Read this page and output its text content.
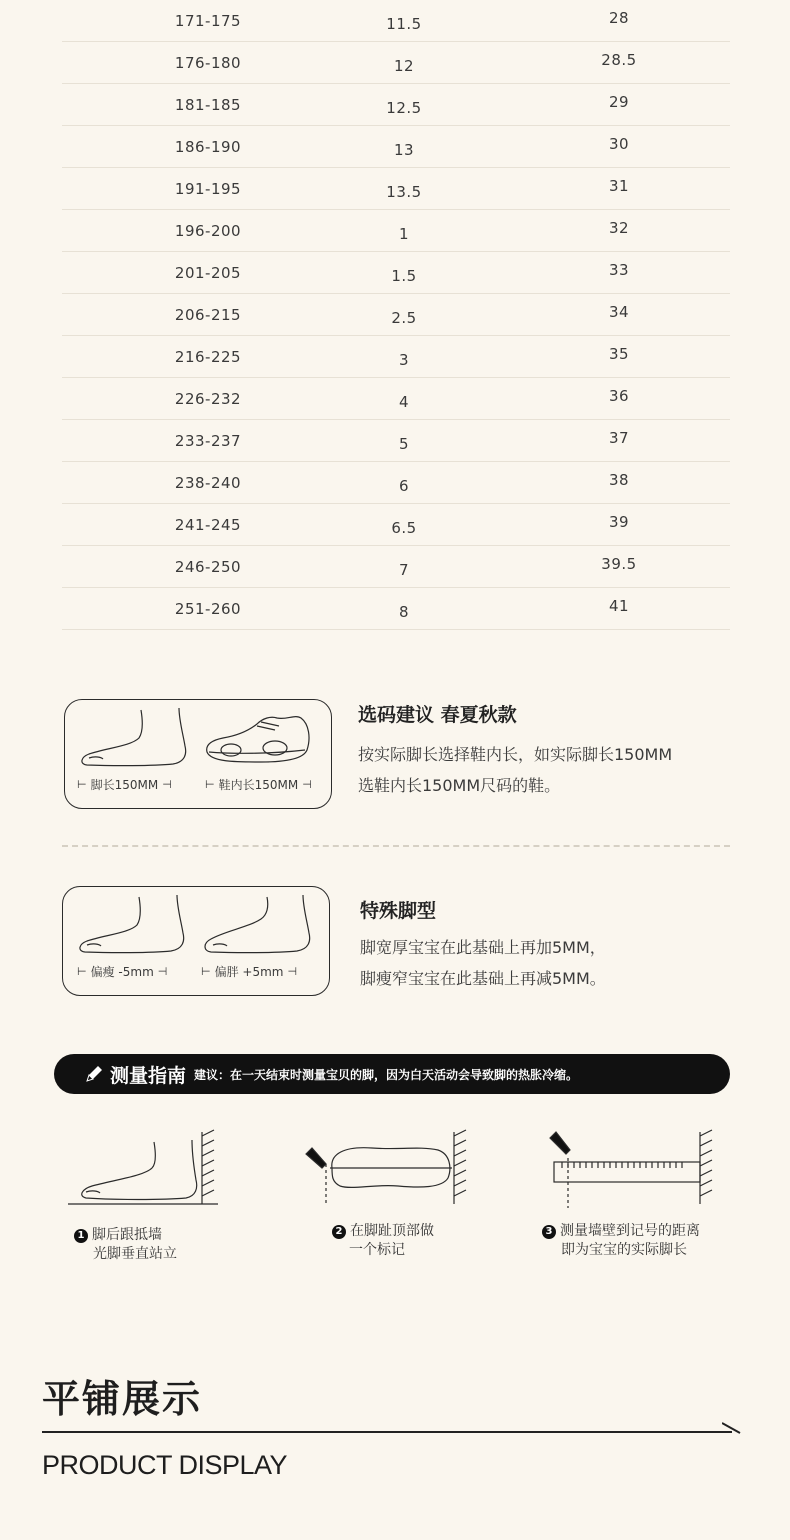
171-175	11.5	28
176-180	12	28.5
181-185	12.5	29
186-190	13	30
191-195	13.5	31
196-200	1	32
201-205	1.5	33
206-215	2.5	34
216-225	3	35
226-232	4	36
233-237	5	37
238-240	6	38
241-245	6.5	39
246-250	7	39.5
251-260	8	41
⊢ 脚长150MM ⊣	⊢ 鞋内长150MM ⊣
选码建议 春夏秋款
按实际脚长选择鞋内长，如实际脚长150MM
选鞋内长150MM尺码的鞋。
⊢ 偏瘦 -5mm ⊣	⊢ 偏胖 +5mm ⊣
特殊脚型
脚宽厚宝宝在此基础上再加5MM，
脚瘦窄宝宝在此基础上再减5MM。
测量指南 建议：在一天结束时测量宝贝的脚，因为白天活动会导致脚的热胀冷缩。
1 脚后跟抵墙
光脚垂直站立
2 在脚趾顶部做
一个标记
3 测量墙壁到记号的距离
即为宝宝的实际脚长
平铺展示
PRODUCT DISPLAY
